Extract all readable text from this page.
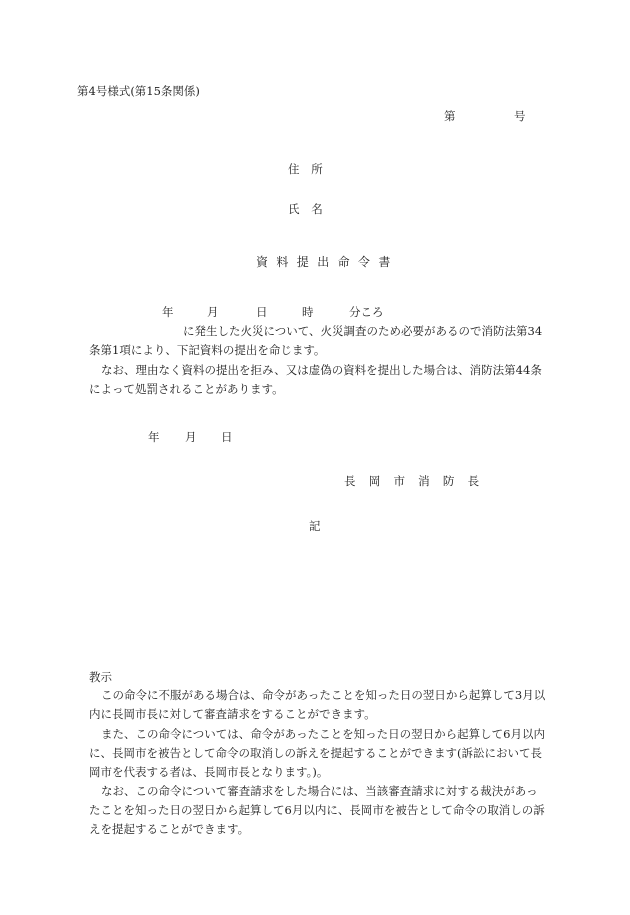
第4号様式(第15条関係)
第	号
住 所
氏 名
資料提出命令書
年	月	日	時	分ころ
に発生した火災について、火災調査のため必要があるので消防法第34
条第1項により、下記資料の提出を命じます。
なお、理由なく資料の提出を拒み、又は虚偽の資料を提出した場合は、消防法第44条
によって処罰されることがあります。
年 月 日
長岡市消防長
記
教示
この命令に不服がある場合は、命令があったことを知った日の翌日から起算して3月以
内に長岡市長に対して審査請求をすることができます。
また、この命令については、命令があったことを知った日の翌日から起算して6月以内
に、長岡市を被告として命令の取消しの訴えを提起することができます(訴訟において長
岡市を代表する者は、長岡市長となります。)。
なお、この命令について審査請求をした場合には、当該審査請求に対する裁決があっ
たことを知った日の翌日から起算して6月以内に、長岡市を被告として命令の取消しの訴
えを提起することができます。
